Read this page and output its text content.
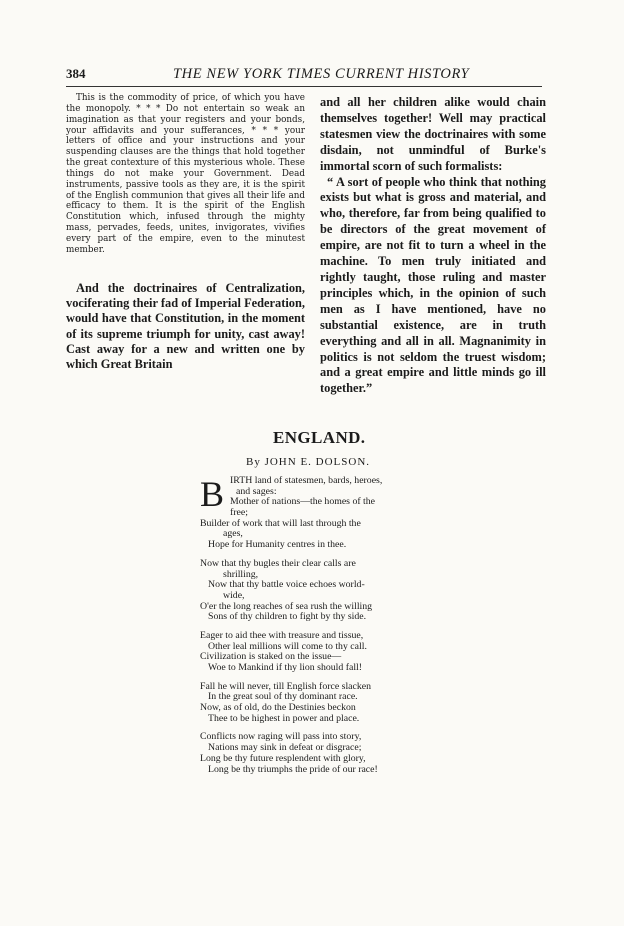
384	THE NEW YORK TIMES CURRENT HISTORY

This is the commodity of price, of which you have the monopoly. * * * Do not entertain so weak an imagination as that your registers and your bonds, your affidavits and your sufferances, * * * your letters of office and your instructions and your suspending clauses are the things that hold together the great contexture of this mysterious whole. These things do not make your Government. Dead instruments, passive tools as they are, it is the spirit of the English communion that gives all their life and efficacy to them. It is the spirit of the English Constitution which, infused through the mighty mass, pervades, feeds, unites, invigorates, vivifies every part of the empire, even to the minutest member.

And the doctrinaires of Centralization, vociferating their fad of Imperial Federation, would have that Constitution, in the moment of its supreme triumph for unity, cast away! Cast away for a new and written one by which Great Britain

and all her children alike would chain themselves together! Well may practical statesmen view the doctrinaires with some disdain, not unmindful of Burke's immortal scorn of such formalists:

“ A sort of people who think that nothing exists but what is gross and material, and who, therefore, far from being qualified to be directors of the great movement of empire, are not fit to turn a wheel in the machine. To men truly initiated and rightly taught, those ruling and master principles which, in the opinion of such men as I have mentioned, have no substantial existence, are in truth everything and all in all. Magnanimity in politics is not seldom the truest wisdom; and a great empire and little minds go ill together.”

ENGLAND.
By JOHN E. DOLSON.
B IRTH land of statesmen, bards, heroes,
and sages:
Mother of nations—the homes of the
free;
Builder of work that will last through the
ages,
Hope for Humanity centres in thee.
Now that thy bugles their clear calls are
shrilling,
Now that thy battle voice echoes world-
wide,
O'er the long reaches of sea rush the willing
Sons of thy children to fight by thy side.
Eager to aid thee with treasure and tissue,
Other leal millions will come to thy call.
Civilization is staked on the issue—
Woe to Mankind if thy lion should fall!
Fall he will never, till English force slacken
In the great soul of thy dominant race.
Now, as of old, do the Destinies beckon
Thee to be highest in power and place.
Conflicts now raging will pass into story,
Nations may sink in defeat or disgrace;
Long be thy future resplendent with glory,
Long be thy triumphs the pride of our race!
